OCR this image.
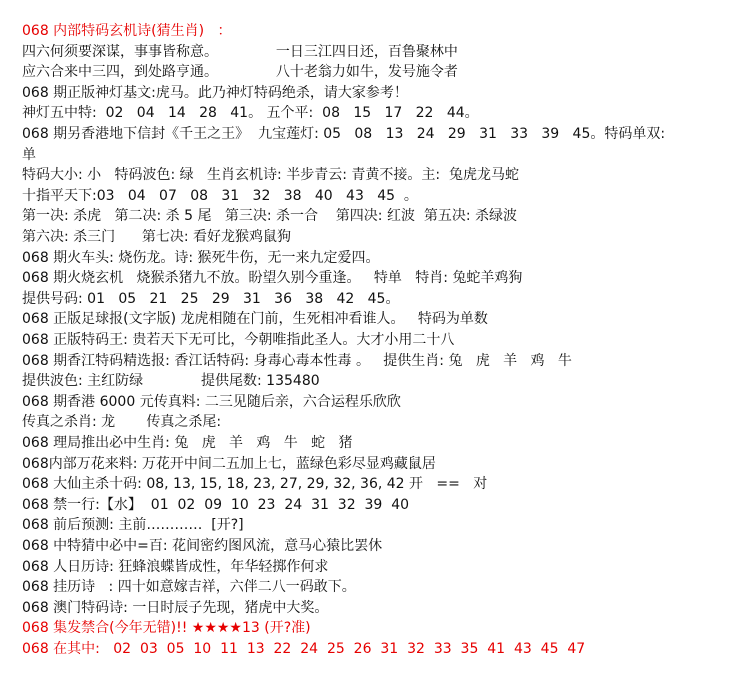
068 内部特码玄机诗(猜生肖)   ：
四六何须要深谋，事事皆称意。             一日三江四日还，百鲁聚林中
应六合来中三四，到处路亨通。             八十老翁力如牛，发号施令者
068 期正版神灯基文:虎马。此乃神灯特码绝杀，请大家参考！
神灯五中特:  02   04   14   28   41。 五个平:  08   15   17   22   44。
068 期另香港地下信封《千王之王》  九宝莲灯: 05   08   13   24   29   31   33   39   45。特码单双:
单
特码大小: 小   特码波色: 绿   生肖玄机诗: 半步青云: 青黄不接。主:  兔虎龙马蛇
十指平天下:03   04   07   08   31   32   38   40   43   45  。
第一决: 杀虎   第二决: 杀 5 尾   第三决: 杀一合    第四决: 红波  第五决: 杀绿波
第六决: 杀三门      第七决: 看好龙猴鸡鼠狗
068 期火车头: 烧伤龙。诗: 猴死牛伤，无一来九定爱四。
068 期火烧玄机   烧猴杀猪九不放。盼望久别今重逢。   特单   特肖: 兔蛇羊鸡狗
提供号码: 01   05   21   25   29   31   36   38   42   45。
068 正版足球报(文字版) 龙虎相随在门前，生死相冲看谁人。   特码为单数
068 正版特码王: 贵若天下无可比，今朝唯指此圣人。大才小用二十八
068 期香江特码精选报: 香江话特码: 身毒心毒本性毒 。   提供生肖: 兔   虎   羊   鸡   牛
提供波色: 主红防绿             提供尾数: 135480
068 期香港 6000 元传真料: 二三见随后亲，六合运程乐欣欣
传真之杀肖: 龙       传真之杀尾:
068 理局推出必中生肖: 兔   虎   羊   鸡   牛   蛇   猪
068内部万花来料: 万花开中间二五加上七，蓝绿色彩尽显鸡藏鼠居
068 大仙主杀十码: 08, 13, 15, 18, 23, 27, 29, 32, 36, 42 开   ==   对
068 禁一行:【水】  01  02  09  10  23  24  31  32  39  40
068 前后预测: 主前…………  [开?]
068 中特猜中必中=百: 花间密约图风流，意马心猿比罢休
068 人日历诗: 狂蜂浪蝶皆成性，年华轻掷作何求
068 挂历诗   : 四十如意嫁吉祥，六伴二八一码敢下。
068 澳门特码诗: 一日时辰子先现，猪虎中大奖。
068 集发禁合(今年无错)!! ★★★★13 (开?准)
068 在其中:   02  03  05  10  11  13  22  24  25  26  31  32  33  35  41  43  45  47
